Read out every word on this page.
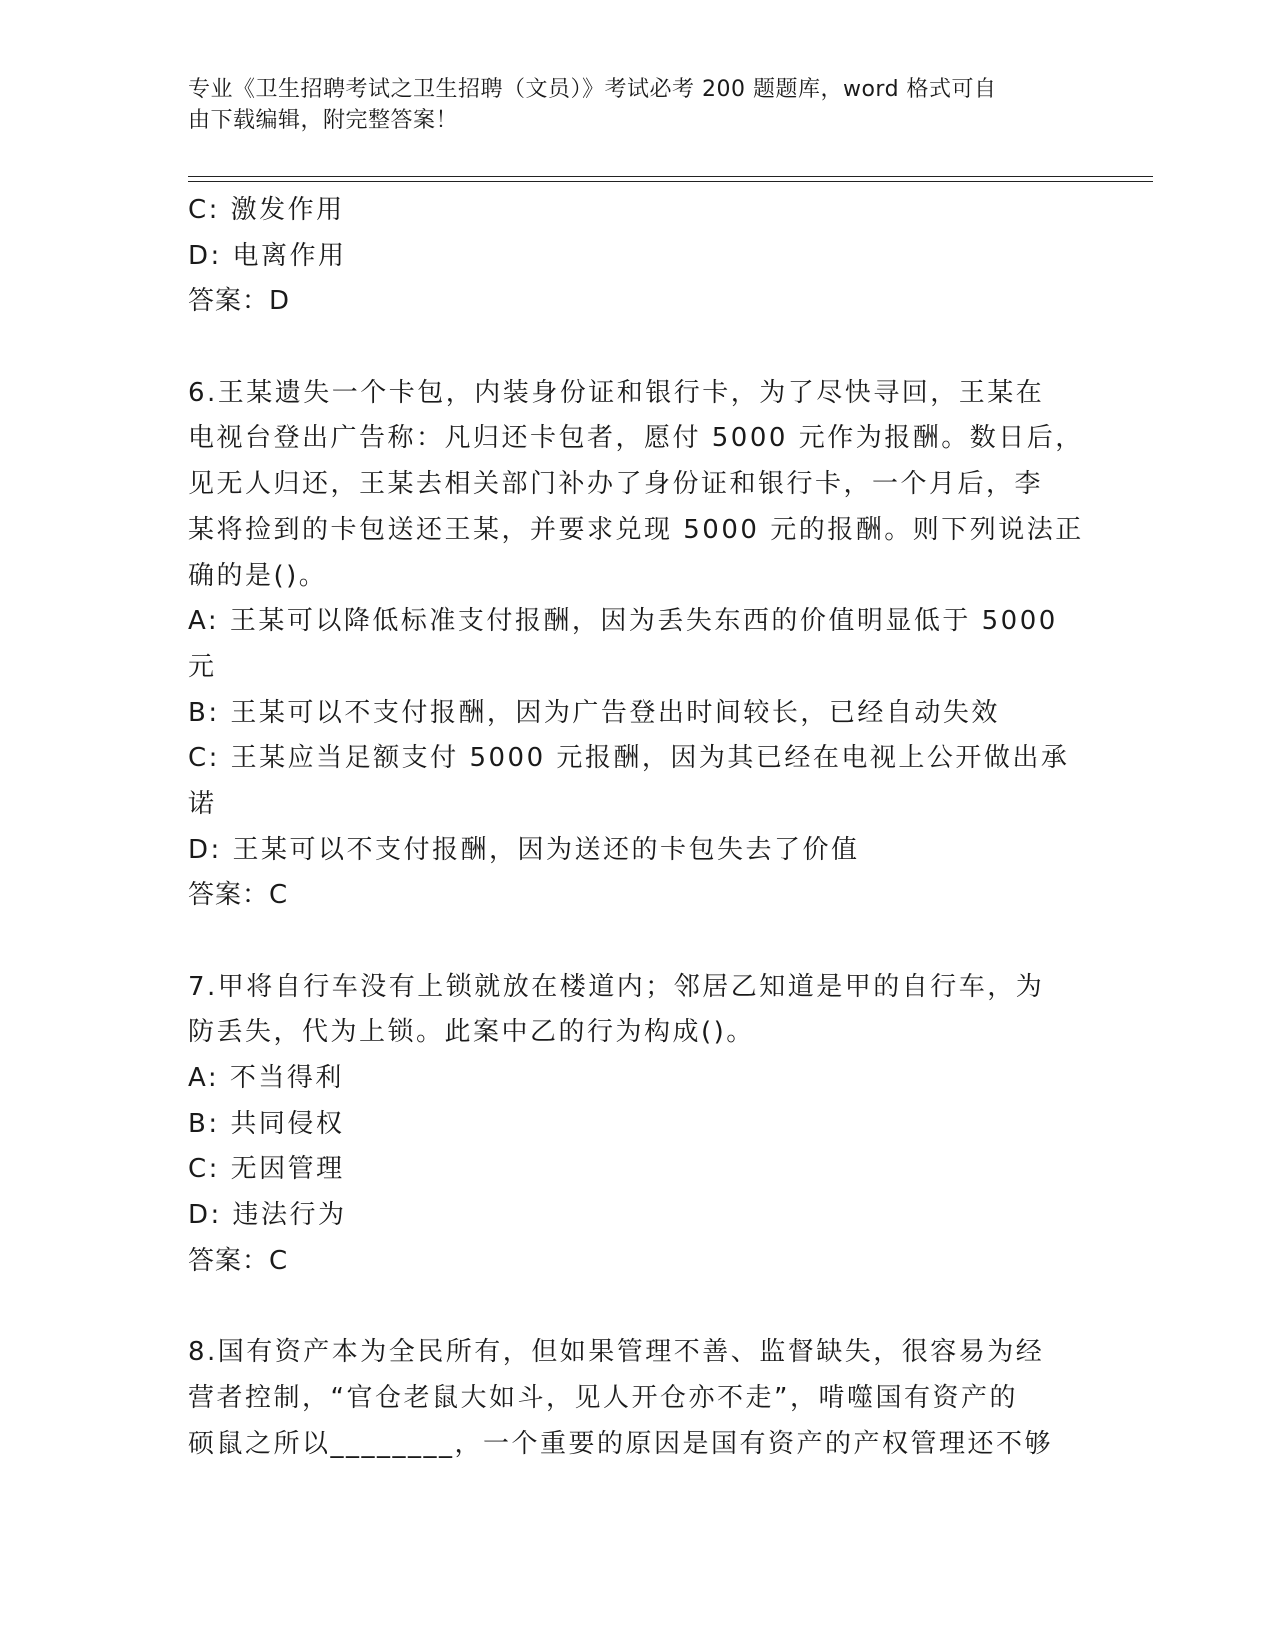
专业《卫生招聘考试之卫生招聘（文员）》考试必考 200 题题库，word 格式可自
由下载编辑，附完整答案！
C: 激发作用
D: 电离作用
答案：D
6.王某遗失一个卡包，内装身份证和银行卡，为了尽快寻回，王某在
电视台登出广告称：凡归还卡包者，愿付 5000 元作为报酬。数日后，
见无人归还，王某去相关部门补办了身份证和银行卡，一个月后，李
某将捡到的卡包送还王某，并要求兑现 5000 元的报酬。则下列说法正
确的是()。
A: 王某可以降低标准支付报酬，因为丢失东西的价值明显低于 5000
元
B: 王某可以不支付报酬，因为广告登出时间较长，已经自动失效
C: 王某应当足额支付 5000 元报酬，因为其已经在电视上公开做出承
诺
D: 王某可以不支付报酬，因为送还的卡包失去了价值
答案：C
7.甲将自行车没有上锁就放在楼道内；邻居乙知道是甲的自行车，为
防丢失，代为上锁。此案中乙的行为构成()。
A: 不当得利
B: 共同侵权
C: 无因管理
D: 违法行为
答案：C
8.国有资产本为全民所有，但如果管理不善、监督缺失，很容易为经
营者控制，“官仓老鼠大如斗，见人开仓亦不走”，啃噬国有资产的
硕鼠之所以________，一个重要的原因是国有资产的产权管理还不够
